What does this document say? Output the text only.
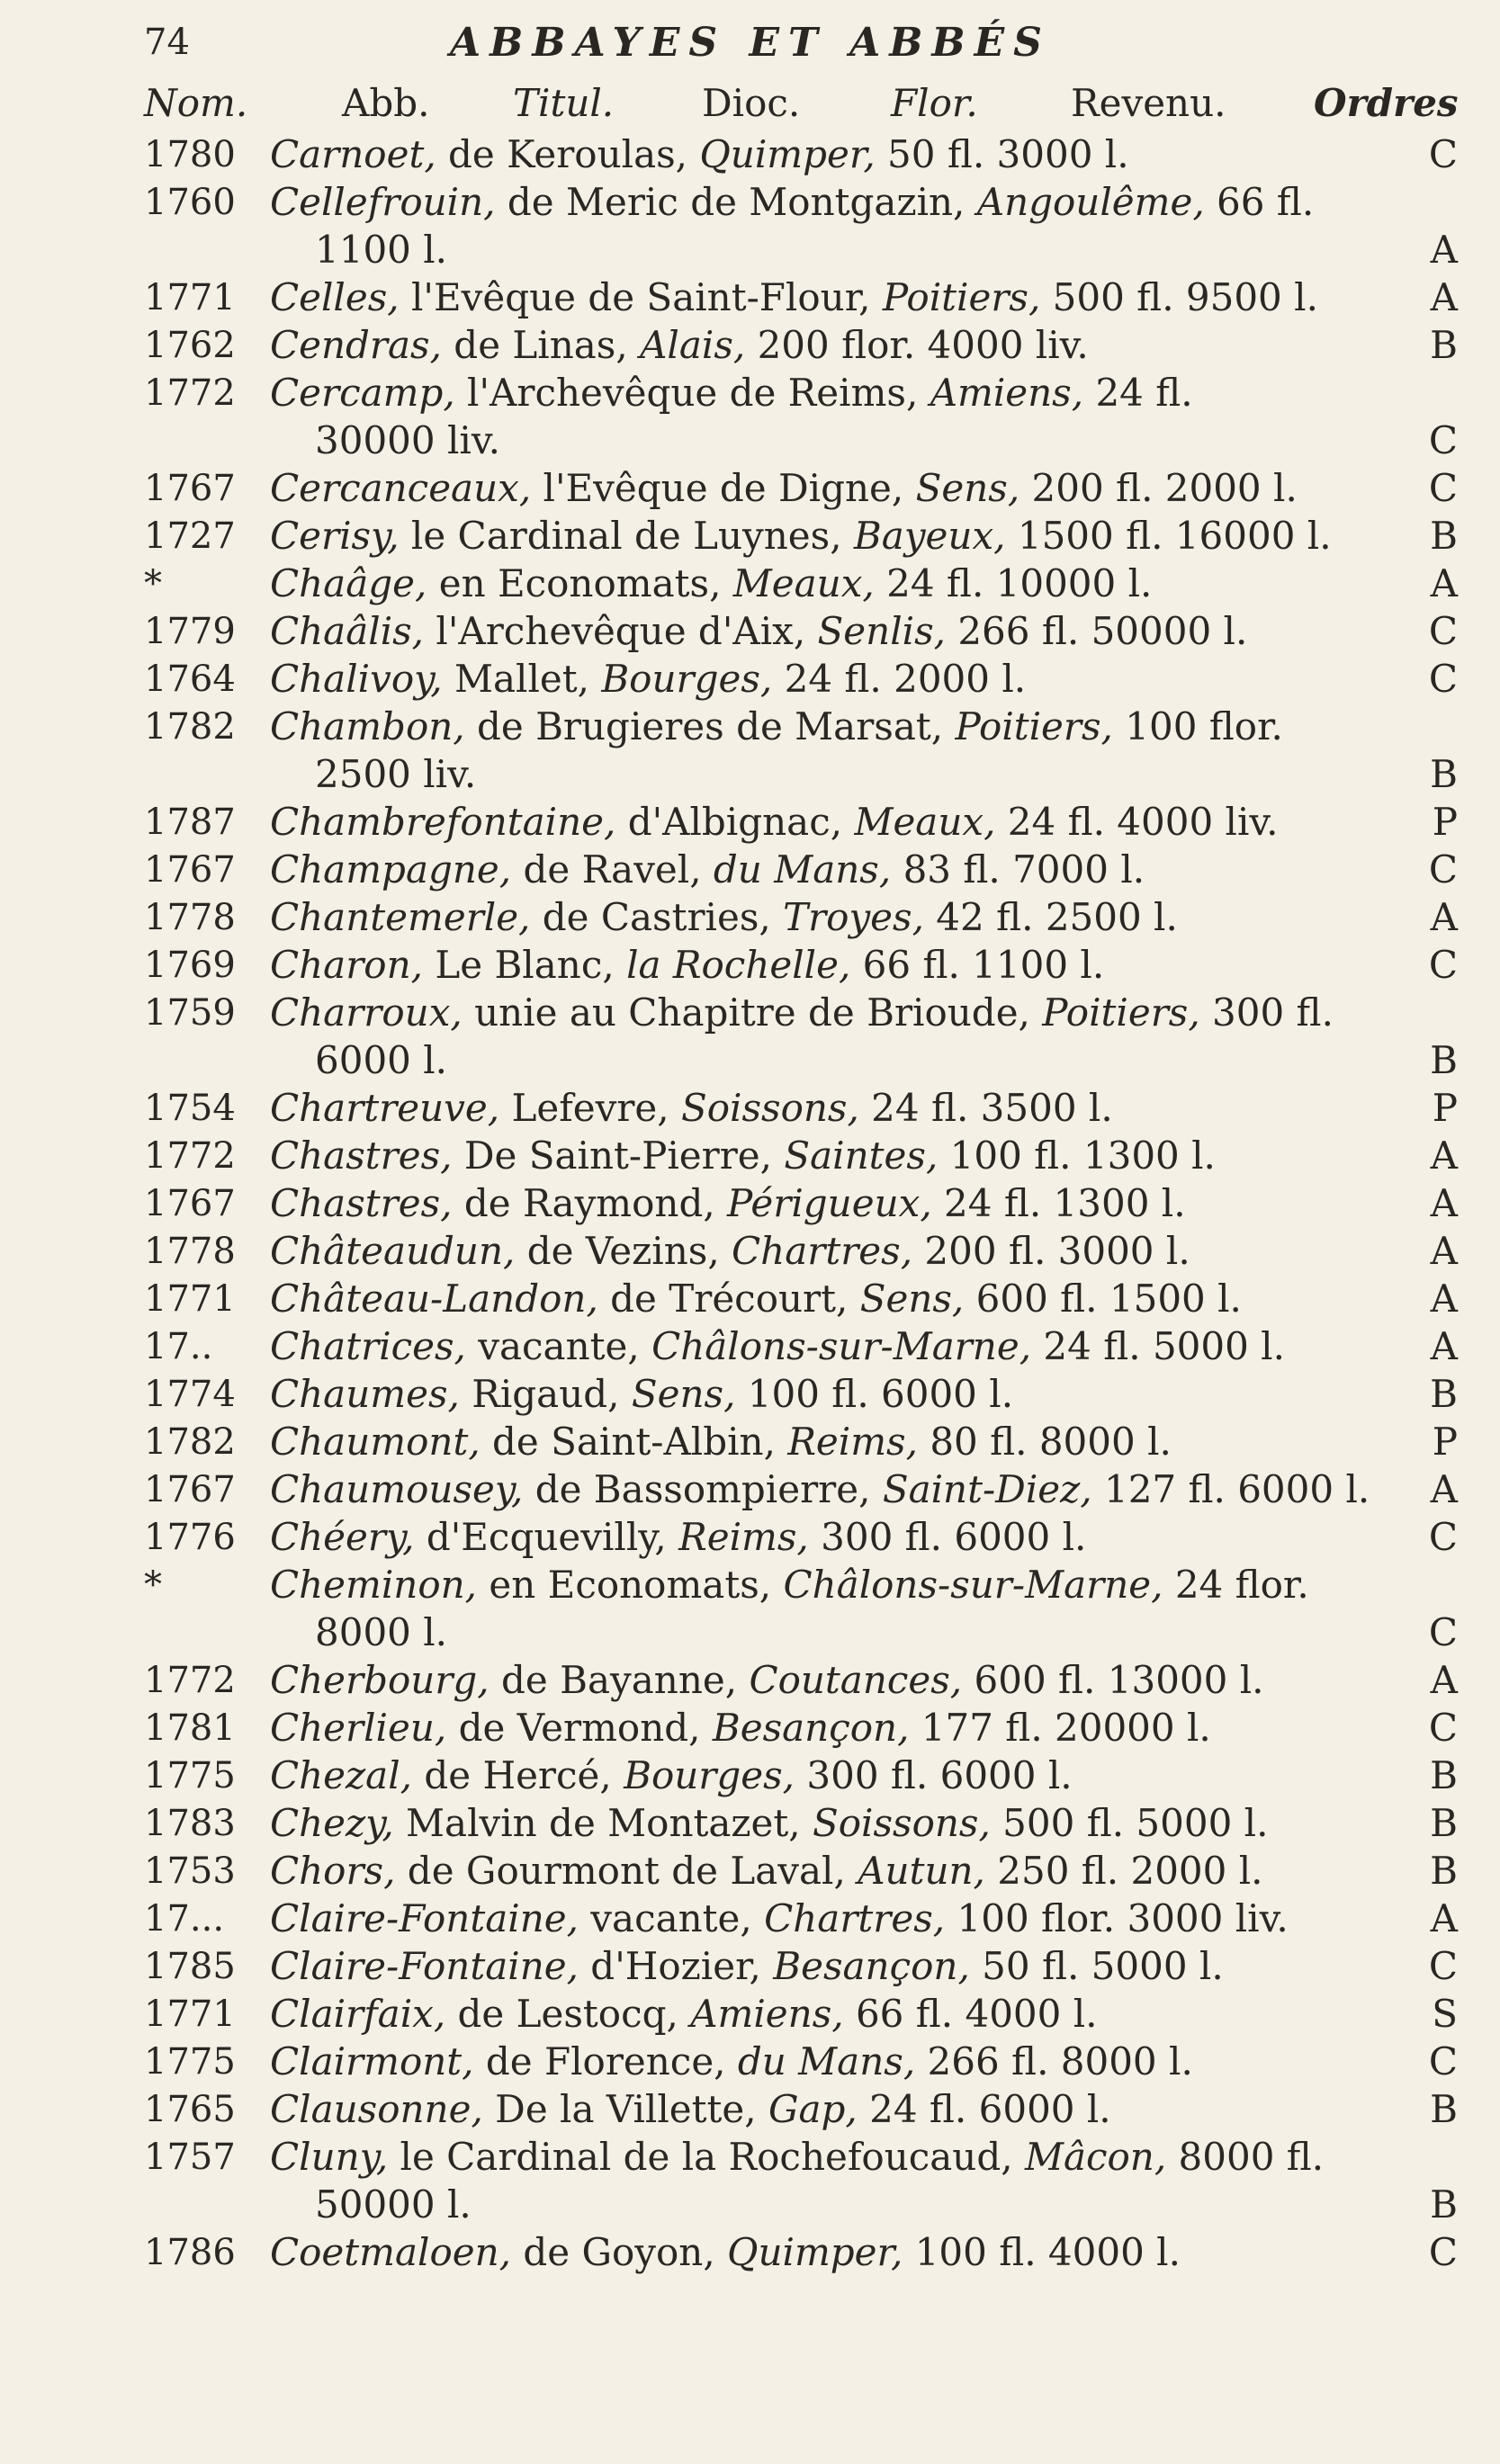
74	ABBAYES ET ABBÉS
Nom. Abb. Titul. Dioc. Flor. Revenu. Ordres
1780 Carnoet, de Keroulas, Quimper, 50 fl. 3000 l.	C
1760 Cellefrouin, de Meric de Montgazin, Angoulême, 66 fl.
1100 l.	A
1771 Celles, l'Evêque de Saint-Flour, Poitiers, 500 fl. 9500 l.	A
1762 Cendras, de Linas, Alais, 200 flor. 4000 liv.	B
1772 Cercamp, l'Archevêque de Reims, Amiens, 24 fl.
30000 liv.	C
1767 Cercanceaux, l'Evêque de Digne, Sens, 200 fl. 2000 l.	C
1727 Cerisy, le Cardinal de Luynes, Bayeux, 1500 fl. 16000 l.	B
*	Chaâge, en Economats, Meaux, 24 fl. 10000 l.	A
1779 Chaâlis, l'Archevêque d'Aix, Senlis, 266 fl. 50000 l.	C
1764 Chalivoy, Mallet, Bourges, 24 fl. 2000 l.	C
1782 Chambon, de Brugieres de Marsat, Poitiers, 100 flor.
2500 liv.	B
1787 Chambrefontaine, d'Albignac, Meaux, 24 fl. 4000 liv.	P
1767 Champagne, de Ravel, du Mans, 83 fl. 7000 l.	C
1778 Chantemerle, de Castries, Troyes, 42 fl. 2500 l.	A
1769 Charon, Le Blanc, la Rochelle, 66 fl. 1100 l.	C
1759 Charroux, unie au Chapitre de Brioude, Poitiers, 300 fl.
6000 l.	B
1754 Chartreuve, Lefevre, Soissons, 24 fl. 3500 l.	P
1772 Chastres, De Saint-Pierre, Saintes, 100 fl. 1300 l.	A
1767 Chastres, de Raymond, Périgueux, 24 fl. 1300 l.	A
1778 Châteaudun, de Vezins, Chartres, 200 fl. 3000 l.	A
1771 Château-Landon, de Trécourt, Sens, 600 fl. 1500 l.	A
17..	Chatrices, vacante, Châlons-sur-Marne, 24 fl. 5000 l.	A
1774 Chaumes, Rigaud, Sens, 100 fl. 6000 l.	B
1782 Chaumont, de Saint-Albin, Reims, 80 fl. 8000 l.	P
1767 Chaumousey, de Bassompierre, Saint-Diez, 127 fl. 6000 l.	A
1776 Chéery, d'Ecquevilly, Reims, 300 fl. 6000 l.	C
*	Cheminon, en Economats, Châlons-sur-Marne, 24 flor.
8000 l.	C
1772 Cherbourg, de Bayanne, Coutances, 600 fl. 13000 l.	A
1781 Cherlieu, de Vermond, Besançon, 177 fl. 20000 l.	C
1775 Chezal, de Hercé, Bourges, 300 fl. 6000 l.	B
1783 Chezy, Malvin de Montazet, Soissons, 500 fl. 5000 l.	B
1753 Chors, de Gourmont de Laval, Autun, 250 fl. 2000 l.	B
17...	Claire-Fontaine, vacante, Chartres, 100 flor. 3000 liv.	A
1785 Claire-Fontaine, d'Hozier, Besançon, 50 fl. 5000 l.	C
1771 Clairfaix, de Lestocq, Amiens, 66 fl. 4000 l.	S
1775 Clairmont, de Florence, du Mans, 266 fl. 8000 l.	C
1765 Clausonne, De la Villette, Gap, 24 fl. 6000 l.	B
1757 Cluny, le Cardinal de la Rochefoucaud, Mâcon, 8000 fl.
50000 l.	B
1786 Coetmaloen, de Goyon, Quimper, 100 fl. 4000 l.	C
